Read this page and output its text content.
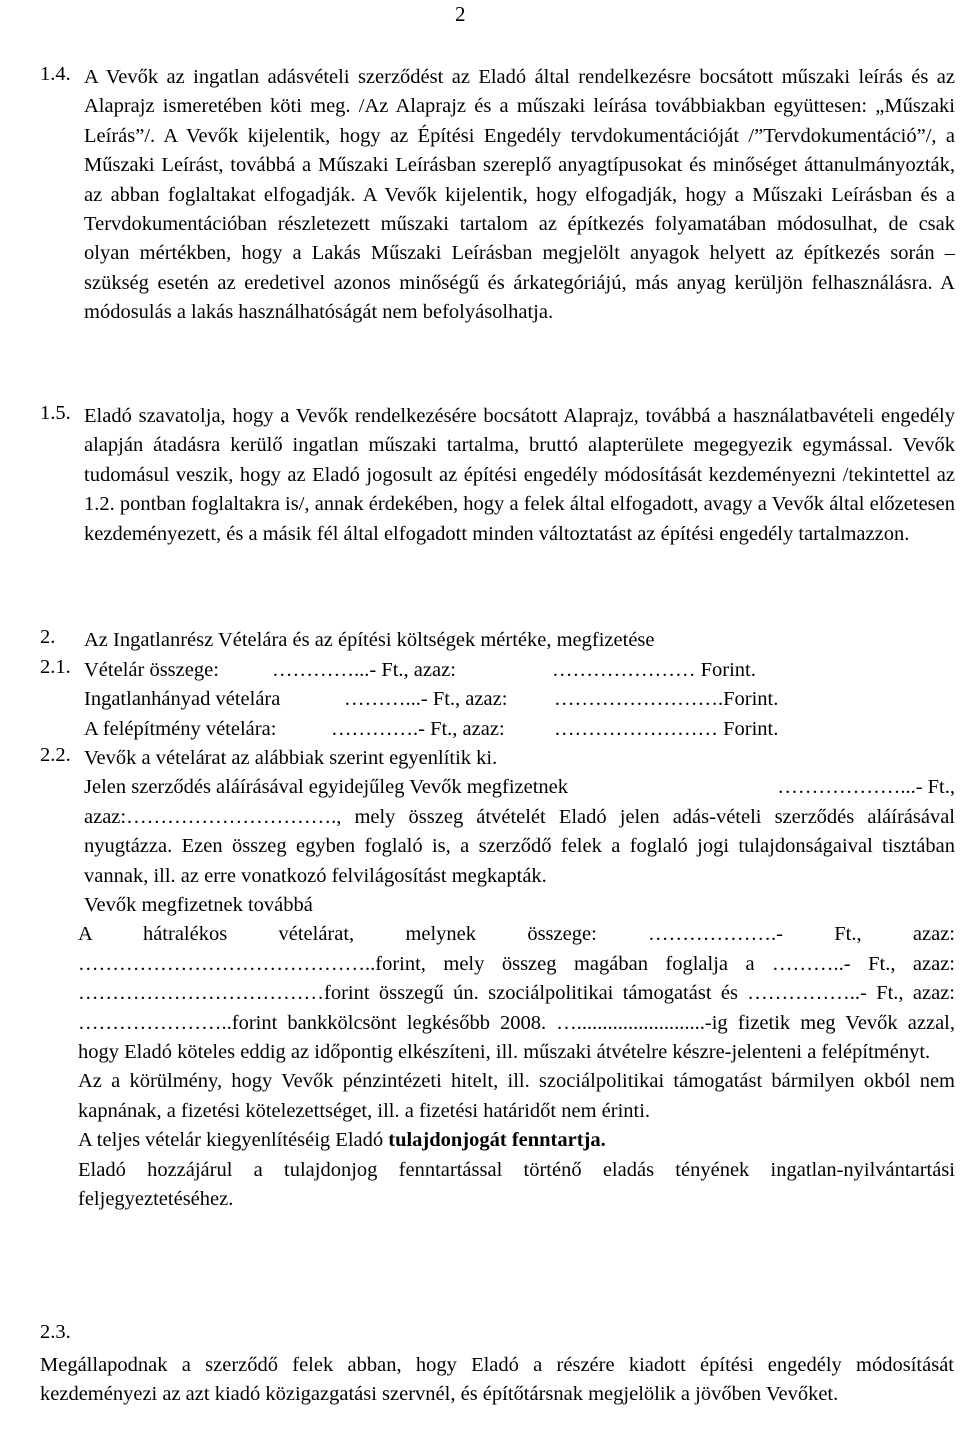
2
1.4. A Vevők az ingatlan adásvételi szerződést az Eladó által rendelkezésre bocsátott műszaki leírás és az Alaprajz ismeretében köti meg. /Az Alaprajz és a műszaki leírása továbbiakban együttesen: „Műszaki Leírás”/. A Vevők kijelentik, hogy az Építési Engedély tervdokumentációját /”Tervdokumentáció”/, a Műszaki Leírást, továbbá a Műszaki Leírásban szereplő anyagtípusokat és minőséget áttanulmányozták, az abban foglaltakat elfogadják. A Vevők kijelentik, hogy elfogadják, hogy a Műszaki Leírásban és a Tervdokumentációban részletezett műszaki tartalom az építkezés folyamatában módosulhat, de csak olyan mértékben, hogy a Lakás Műszaki Leírásban megjelölt anyagok helyett az építkezés során – szükség esetén az eredetivel azonos minőségű és árkategóriájú, más anyag kerüljön felhasználásra. A módosulás a lakás használhatóságát nem befolyásolhatja.

1.5. Eladó szavatolja, hogy a Vevők rendelkezésére bocsátott Alaprajz, továbbá a használatbavételi engedély alapján átadásra kerülő ingatlan műszaki tartalma, bruttó alapterülete megegyezik egymással. Vevők tudomásul veszik, hogy az Eladó jogosult az építési engedély módosítását kezdeményezni /tekintettel az 1.2. pontban foglaltakra is/, annak érdekében, hogy a felek által elfogadott, avagy a Vevők által előzetesen kezdeményezett, és a másik fél által elfogadott minden változtatást az építési engedély tartalmazzon.

2. Az Ingatlanrész Vételára és az építési költségek mértéke, megfizetése
2.1. Vételár összege:	…………...- Ft., azaz:	………………… Forint.
Ingatlanhányad vételára	………...- Ft., azaz: …………………….Forint.
A felépítmény vételára:	………….- Ft., azaz: …………………… Forint.
2.2. Vevők a vételárat az alábbiak szerint egyenlítik ki.

Jelen szerződés aláírásával egyidejűleg Vevők megfizetnek	………………...- Ft.,

azaz:…………………………., mely összeg átvételét Eladó jelen adás-vételi szerződés aláírásával nyugtázza. Ezen összeg egyben foglaló is, a szerződő felek a foglaló jogi tulajdonságaival tisztában vannak, ill. az erre vonatkozó felvilágosítást megkapták.

Vevők megfizetnek továbbá

A hátralékos vételárat, melynek összege: ……………….- Ft., azaz: ……………………………………..forint, mely összeg magában foglalja a ………..- Ft., azaz: ………………………………forint összegű ún. szociálpolitikai támogatást és ……………..- Ft., azaz: …………………..forint bankkölcsönt legkésőbb 2008. ….........................-ig fizetik meg Vevők azzal, hogy Eladó köteles eddig az időpontig elkészíteni, ill. műszaki átvételre készre-jelenteni a felépítményt.

Az a körülmény, hogy Vevők pénzintézeti hitelt, ill. szociálpolitikai támogatást bármilyen okból nem kapnának, a fizetési kötelezettséget, ill. a fizetési határidőt nem érinti.

A teljes vételár kiegyenlítéséig Eladó tulajdonjogát fenntartja.

Eladó hozzájárul a tulajdonjog fenntartással történő eladás tényének ingatlan-nyilvántartási feljegyeztetéséhez.

2.3.

Megállapodnak a szerződő felek abban, hogy Eladó a részére kiadott építési engedély módosítását kezdeményezi az azt kiadó közigazgatási szervnél, és építőtársnak megjelölik a jövőben Vevőket.
